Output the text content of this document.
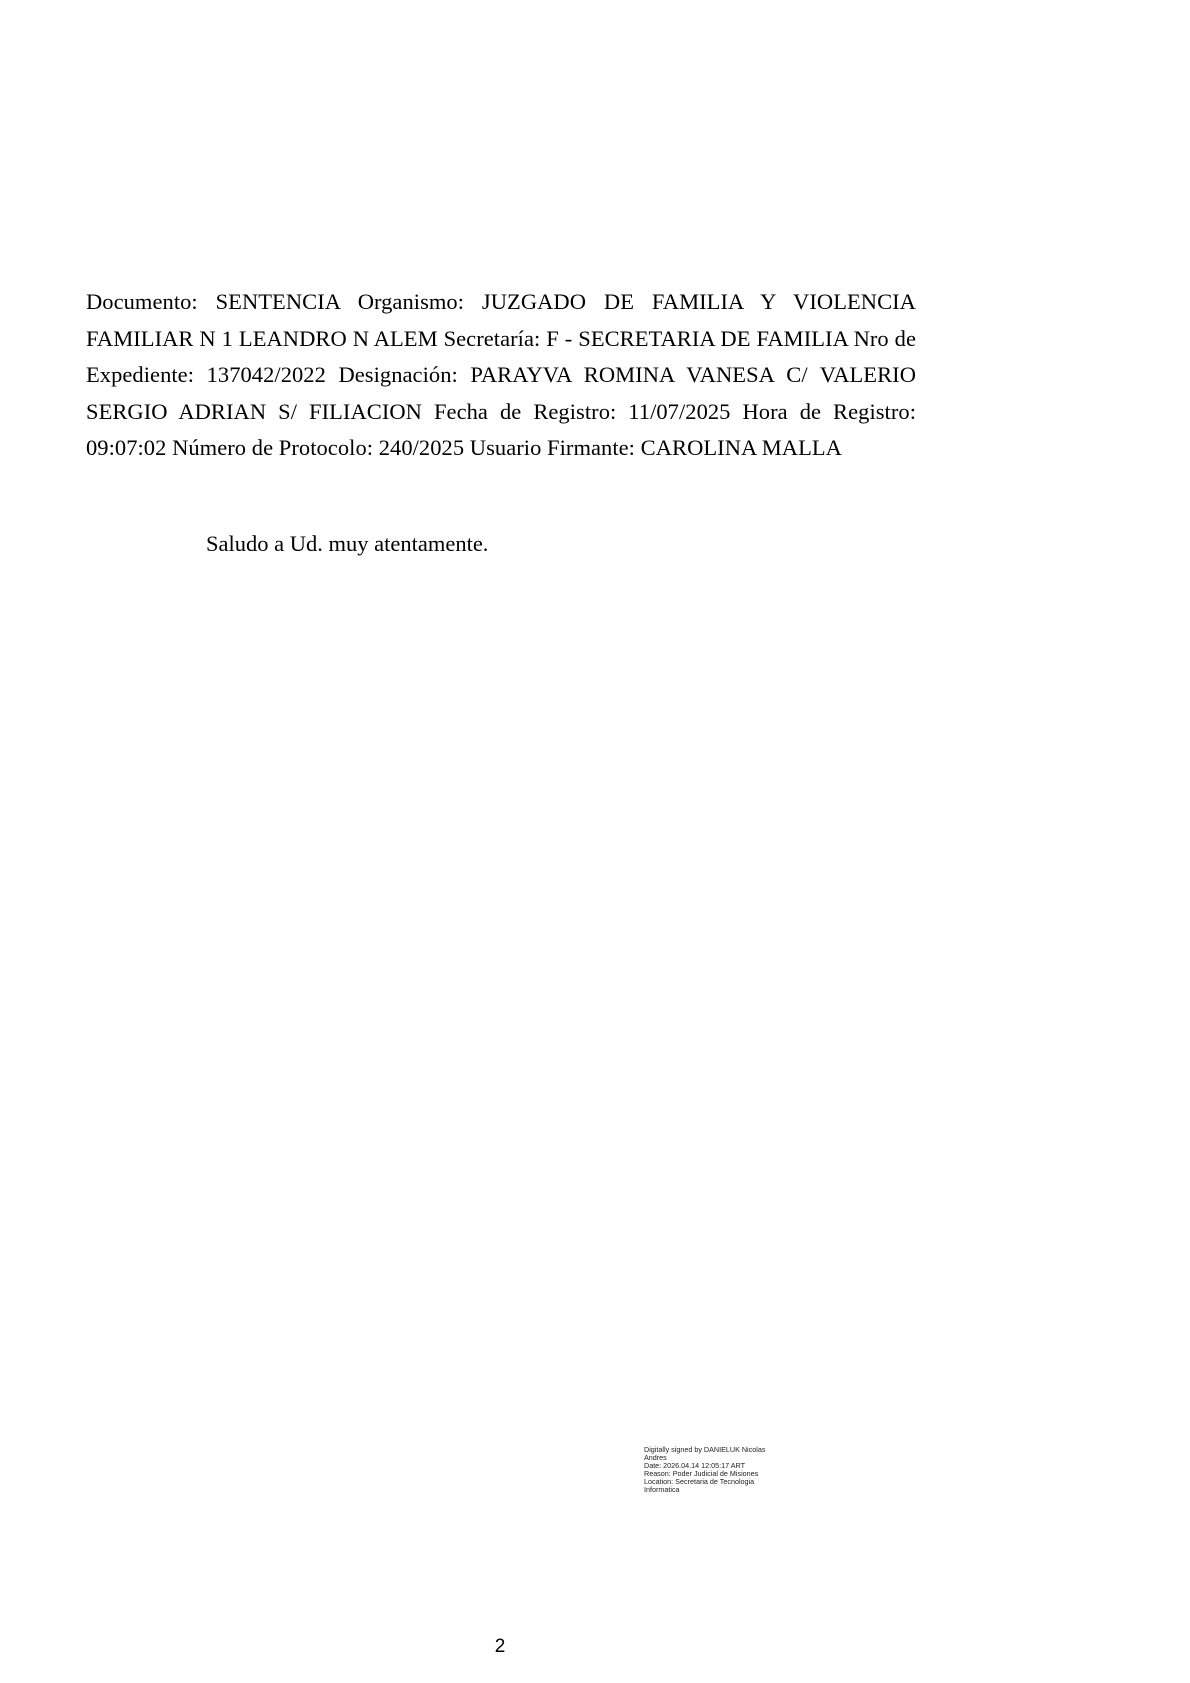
Documento: SENTENCIA Organismo: JUZGADO DE FAMILIA Y VIOLENCIA FAMILIAR N 1 LEANDRO N ALEM Secretaría: F - SECRETARIA DE FAMILIA Nro de Expediente: 137042/2022 Designación: PARAYVA ROMINA VANESA C/ VALERIO SERGIO ADRIAN S/ FILIACION Fecha de Registro: 11/07/2025 Hora de Registro: 09:07:02 Número de Protocolo: 240/2025 Usuario Firmante: CAROLINA MALLA

Saludo a Ud. muy atentamente.

Digitally signed by DANIELUK Nicolas
Andres
Date: 2026.04.14 12:05:17 ART
Reason: Poder Judicial de Misiones
Location: Secretaria de Tecnologia
Informatica
2
